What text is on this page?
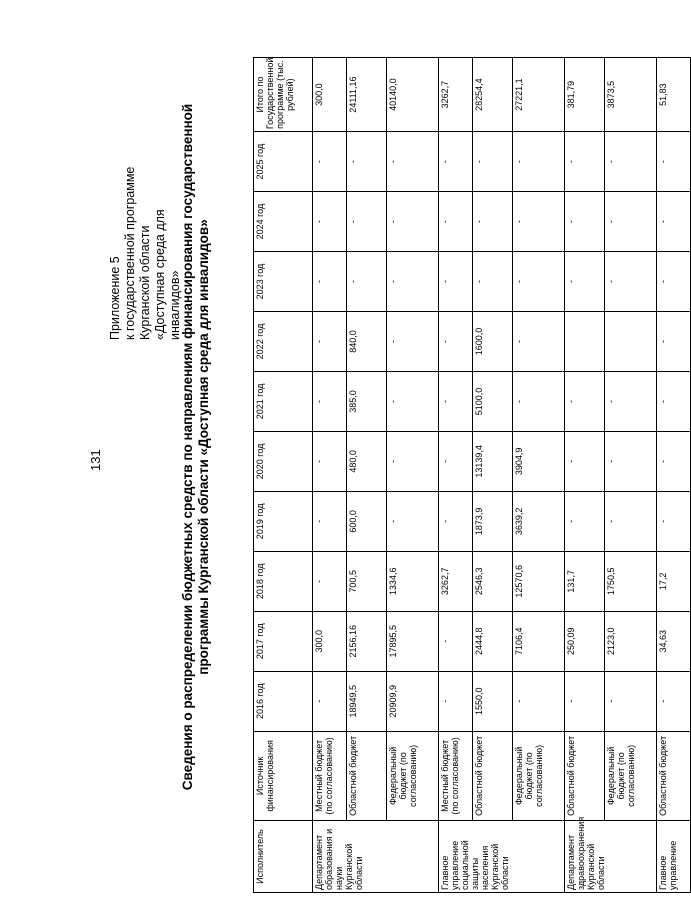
131
Приложение 5 к государственной программе Курганской области «Доступная среда для инвалидов»
Сведения о распределении бюджетных средств по направлениям финансирования государственной программы Курганской области «Доступная среда для инвалидов»
Исполнитель	Источник финансирования	2016 год	2017 год	2018 год	2019 год	2020 год	2021 год	2022 год	2023 год	2024 год	2025 год	Итого по Государственной программе (тыс. рублей)
Департамент образования и науки Курганской области	Местный бюджет (по согласованию)	-	300,0	-	-	-	-	-	-	-	-	300,0
	Областной бюджет	18949,5	2156,16	700,5	600,0	480,0	385,0	840,0	-	-	-	24111,16
	Федеральный бюджет (по согласованию)	20909,9	17895,5	1334,6	-	-	-	-	-	-	-	40140,0
Главное управление социальной защиты населения Курганской области	Местный бюджет (по согласованию)	-	-	3262,7	-	-	-	-	-	-	-	3262,7
	Областной бюджет	1550,0	2444,8	2546,3	1873,9	13139,4	5100,0	1600,0	-	-	-	28254,4
	Федеральный бюджет (по согласованию)	-	7106,4	12570,6	3639,2	3904,9	-	-	-	-	-	27221,1
Департамент здравоохранения Курганской области	Областной бюджет	-	250,09	131,7	-	-	-		-	-	-	381,79
	Федеральный бюджет (по согласованию)	-	2123,0	1750,5	-	-	-		-	-	-	3873,5
Главное управление	Областной бюджет	-	34,63	17,2	-	-	-	-	-	-	-	51,83
